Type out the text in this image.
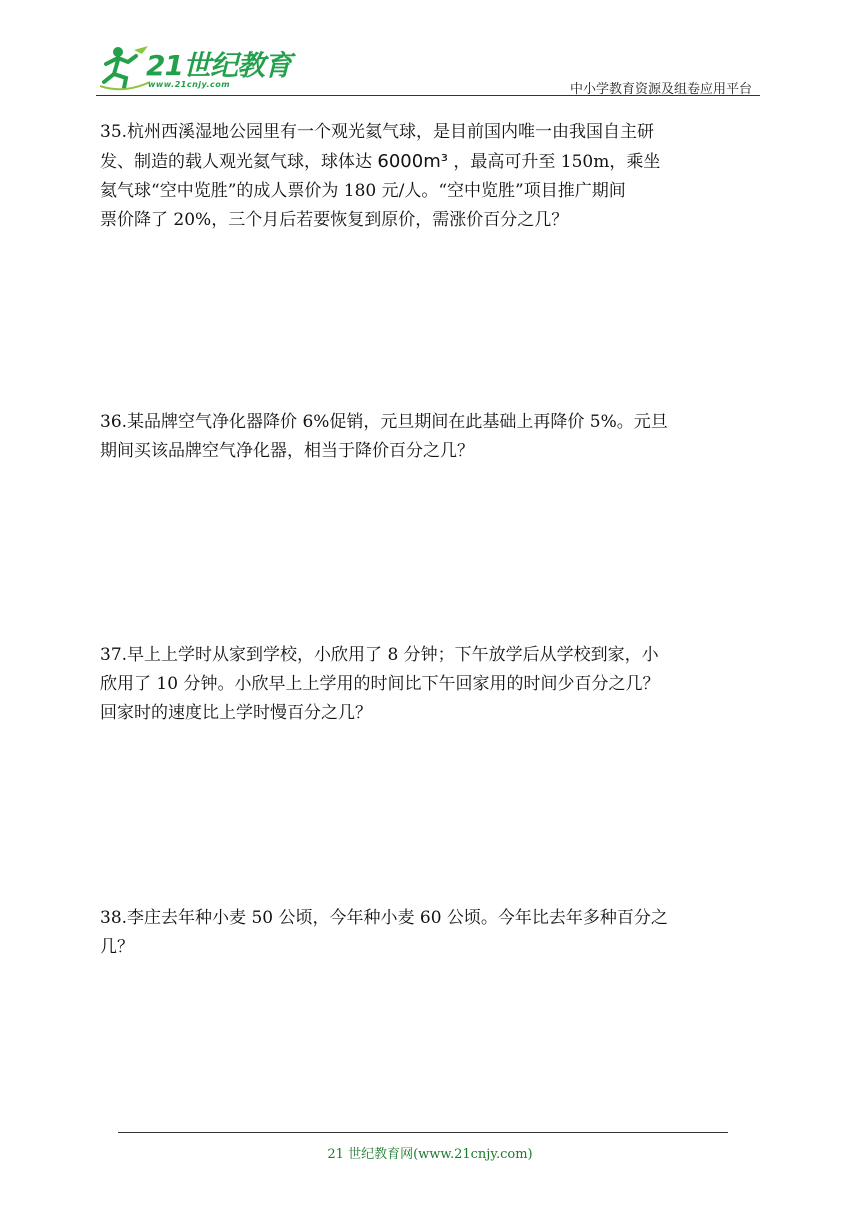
21世纪教育
www.21cnjy.com	中小学教育资源及组卷应用平台
35.杭州西溪湿地公园里有一个观光氦气球，是目前国内唯一由我国自主研
发、制造的载人观光氦气球，球体达 6000m³ ，最高可升至 150m，乘坐
氦气球“空中览胜”的成人票价为 180 元/人。“空中览胜”项目推广期间
票价降了 20%，三个月后若要恢复到原价，需涨价百分之几？
36.某品牌空气净化器降价 6%促销，元旦期间在此基础上再降价 5%。元旦
期间买该品牌空气净化器，相当于降价百分之几？
37.早上上学时从家到学校，小欣用了 8 分钟；下午放学后从学校到家，小
欣用了 10 分钟。小欣早上上学用的时间比下午回家用的时间少百分之几？
回家时的速度比上学时慢百分之几？
38.李庄去年种小麦 50 公顷，今年种小麦 60 公顷。今年比去年多种百分之
几？
21 世纪教育网(www.21cnjy.com)
